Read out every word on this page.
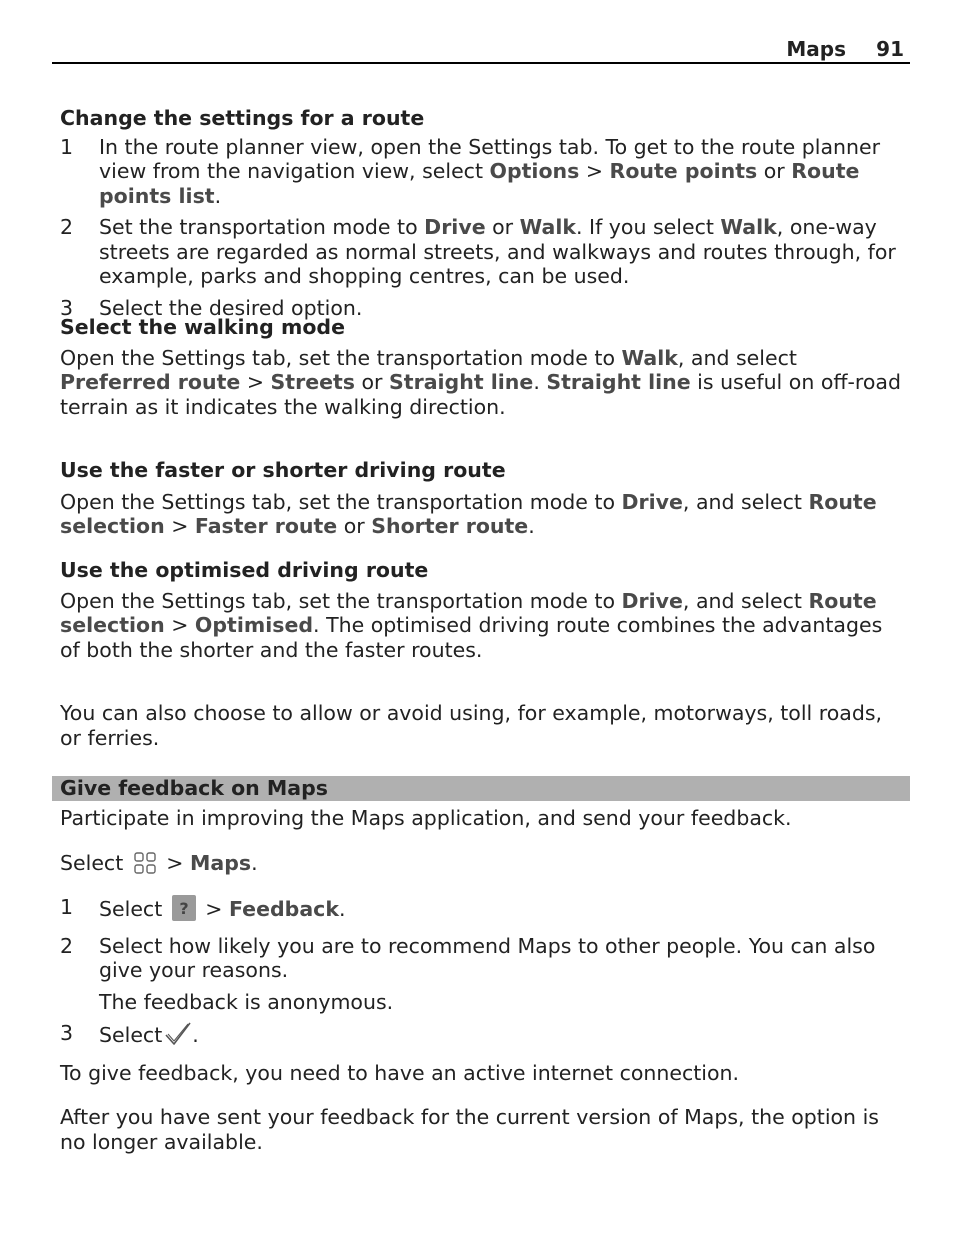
Maps 91
Change the settings for a route
1 In the route planner view, open the Settings tab. To get to the route planner view from the navigation view, select Options > Route points or Route points list.
2 Set the transportation mode to Drive or Walk. If you select Walk, one-way streets are regarded as normal streets, and walkways and routes through, for example, parks and shopping centres, can be used.
3 Select the desired option.
Select the walking mode

Open the Settings tab, set the transportation mode to Walk, and select Preferred route > Streets or Straight line. Straight line is useful on off-road terrain as it indicates the walking direction.

Use the faster or shorter driving route

Open the Settings tab, set the transportation mode to Drive, and select Route selection > Faster route or Shorter route.

Use the optimised driving route

Open the Settings tab, set the transportation mode to Drive, and select Route selection > Optimised. The optimised driving route combines the advantages of both the shorter and the faster routes.

You can also choose to allow or avoid using, for example, motorways, toll roads, or ferries.
Give feedback on Maps
Participate in improving the Maps application, and send your feedback.
Select  > Maps.
1 Select ? > Feedback.
2 Select how likely you are to recommend Maps to other people. You can also give your reasons.
The feedback is anonymous.
3 Select .
To give feedback, you need to have an active internet connection.
After you have sent your feedback for the current version of Maps, the option is no longer available.
